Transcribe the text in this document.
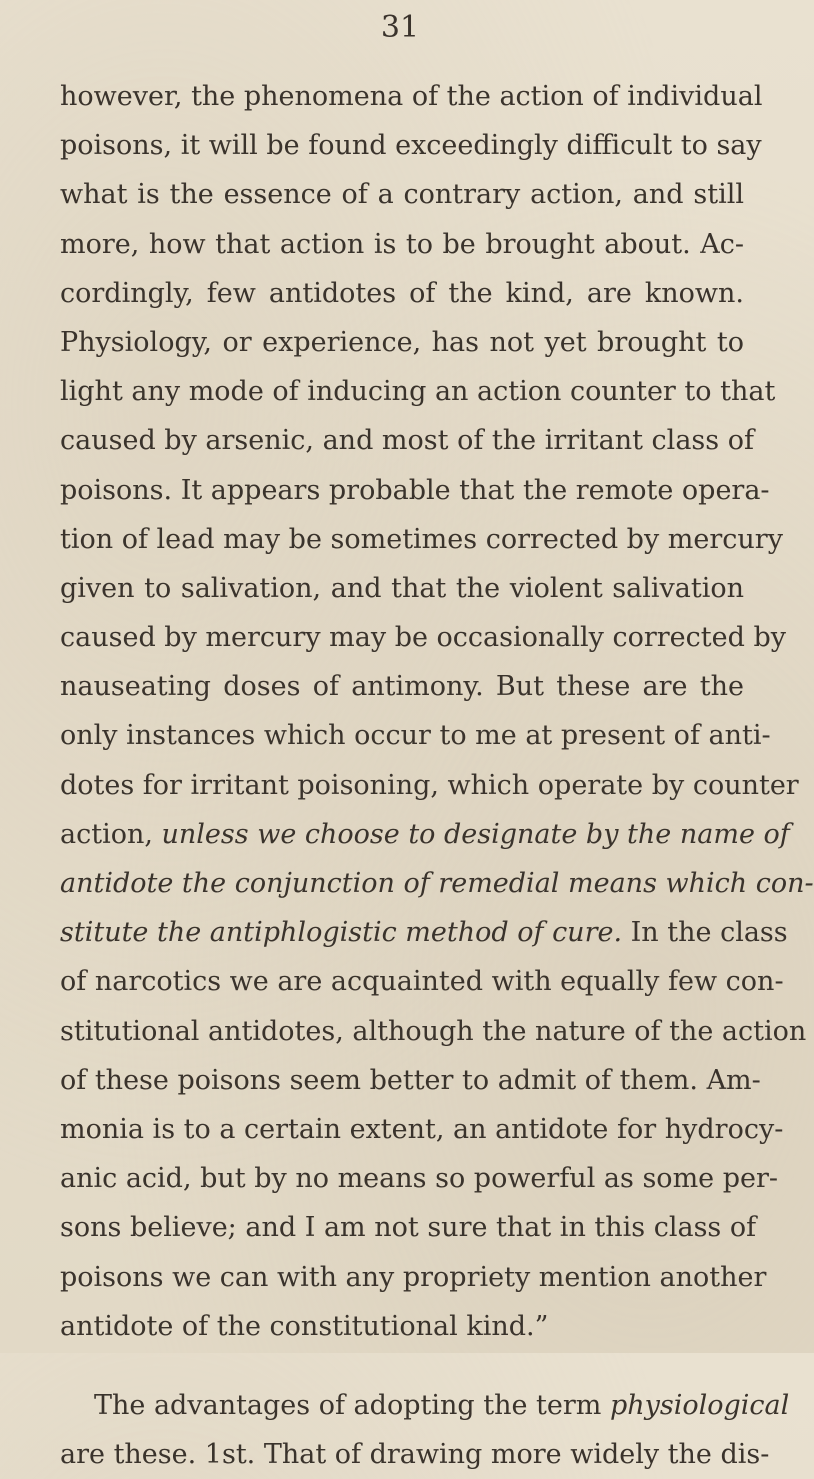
31
however, the phenomena of the action of individual
poisons, it will be found exceedingly difficult to say
what is the essence of a contrary action, and still
more, how that action is to be brought about. Ac-
cordingly, few antidotes of the kind, are known.
Physiology, or experience, has not yet brought to
light any mode of inducing an action counter to that
caused by arsenic, and most of the irritant class of
poisons. It appears probable that the remote opera-
tion of lead may be sometimes corrected by mercury
given to salivation, and that the violent salivation
caused by mercury may be occasionally corrected by
nauseating doses of antimony. But these are the
only instances which occur to me at present of anti-
dotes for irritant poisoning, which operate by counter
action, unless we choose to designate by the name of
antidote the conjunction of remedial means which con-
stitute the antiphlogistic method of cure. In the class
of narcotics we are acquainted with equally few con-
stitutional antidotes, although the nature of the action
of these poisons seem better to admit of them. Am-
monia is to a certain extent, an antidote for hydrocy-
anic acid, but by no means so powerful as some per-
sons believe; and I am not sure that in this class of
poisons we can with any propriety mention another
antidote of the constitutional kind.”
The advantages of adopting the term physiological
are these. 1st. That of drawing more widely the dis-
